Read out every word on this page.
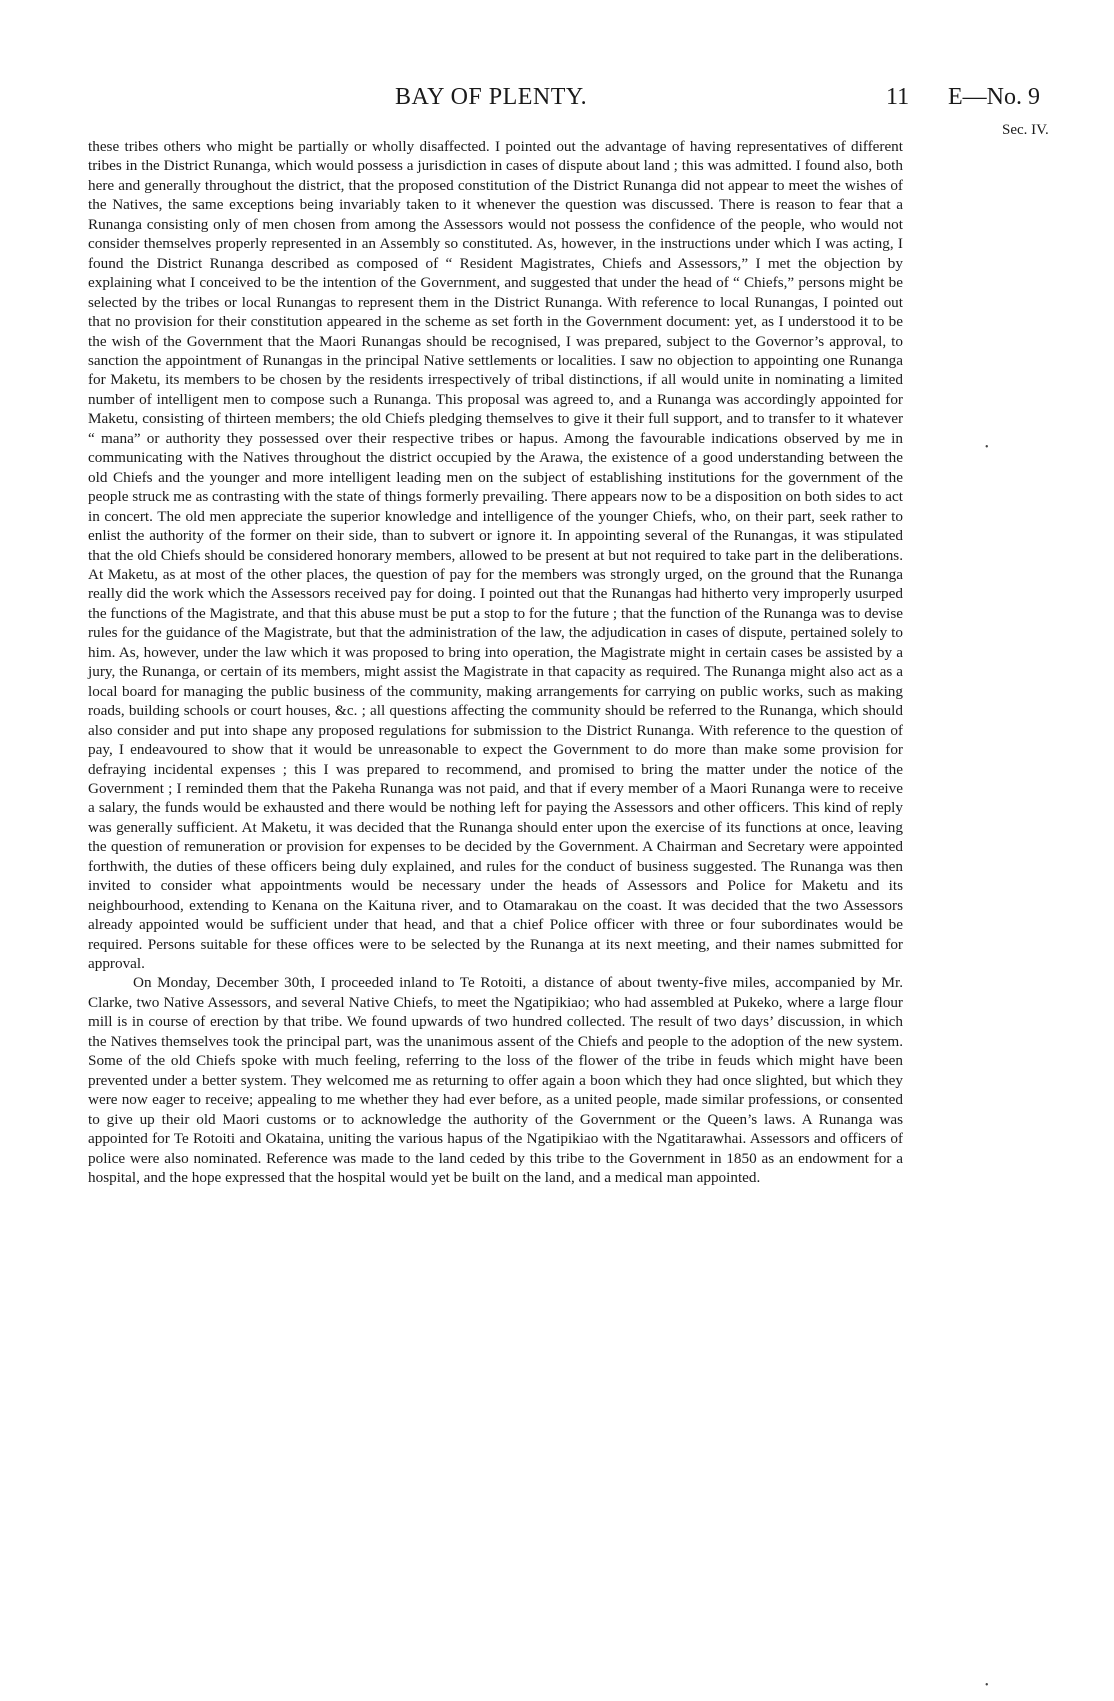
BAY OF PLENTY.	11 E—No. 9
Sec. IV.

these tribes others who might be partially or wholly disaffected. I pointed out the advantage of having representatives of different tribes in the District Runanga, which would possess a jurisdiction in cases of dispute about land ; this was admitted. I found also, both here and generally throughout the district, that the proposed constitution of the District Runanga did not appear to meet the wishes of the Natives, the same exceptions being invariably taken to it whenever the question was discussed. There is reason to fear that a Runanga consisting only of men chosen from among the Assessors would not possess the confidence of the people, who would not consider themselves properly represented in an Assembly so constituted. As, however, in the instructions under which I was acting, I found the District Runanga described as composed of “ Resident Magistrates, Chiefs and Assessors,” I met the objection by explaining what I conceived to be the intention of the Government, and suggested that under the head of “ Chiefs,” persons might be selected by the tribes or local Runangas to represent them in the District Runanga. With reference to local Runangas, I pointed out that no provision for their constitution appeared in the scheme as set forth in the Government document: yet, as I understood it to be the wish of the Government that the Maori Runangas should be recognised, I was prepared, subject to the Governor’s approval, to sanction the appointment of Runangas in the principal Native settlements or localities. I saw no objection to appointing one Runanga for Maketu, its members to be chosen by the residents irrespectively of tribal distinctions, if all would unite in nominating a limited number of intelligent men to compose such a Runanga. This proposal was agreed to, and a Runanga was accordingly appointed for Maketu, consisting of thirteen members; the old Chiefs pledging themselves to give it their full support, and to transfer to it whatever “ mana” or authority they possessed over their respective tribes or hapus. Among the favourable indications observed by me in communicating with the Natives throughout the district occupied by the Arawa, the existence of a good understanding between the old Chiefs and the younger and more intelligent leading men on the subject of establishing institutions for the government of the people struck me as contrasting with the state of things formerly prevailing. There appears now to be a disposition on both sides to act in concert. The old men appreciate the superior knowledge and intelligence of the younger Chiefs, who, on their part, seek rather to enlist the authority of the former on their side, than to subvert or ignore it. In appointing several of the Runangas, it was stipulated that the old Chiefs should be considered honorary members, allowed to be present at but not required to take part in the deliberations. At Maketu, as at most of the other places, the question of pay for the members was strongly urged, on the ground that the Runanga really did the work which the Assessors received pay for doing. I pointed out that the Runangas had hitherto very improperly usurped the functions of the Magistrate, and that this abuse must be put a stop to for the future ; that the function of the Runanga was to devise rules for the guidance of the Magistrate, but that the administration of the law, the adjudication in cases of dispute, pertained solely to him. As, however, under the law which it was proposed to bring into operation, the Magistrate might in certain cases be assisted by a jury, the Runanga, or certain of its members, might assist the Magistrate in that capacity as required. The Runanga might also act as a local board for managing the public business of the community, making arrangements for carrying on public works, such as making roads, building schools or court houses, &c. ; all questions affecting the community should be referred to the Runanga, which should also consider and put into shape any proposed regulations for submission to the District Runanga. With reference to the question of pay, I endeavoured to show that it would be unreasonable to expect the Government to do more than make some provision for defraying incidental expenses ; this I was prepared to recommend, and promised to bring the matter under the notice of the Government ; I reminded them that the Pakeha Runanga was not paid, and that if every member of a Maori Runanga were to receive a salary, the funds would be exhausted and there would be nothing left for paying the Assessors and other officers. This kind of reply was generally sufficient. At Maketu, it was decided that the Runanga should enter upon the exercise of its functions at once, leaving the question of remuneration or provision for expenses to be decided by the Government. A Chairman and Secretary were appointed forthwith, the duties of these officers being duly explained, and rules for the conduct of business suggested. The Runanga was then invited to consider what appointments would be necessary under the heads of Assessors and Police for Maketu and its neighbourhood, extending to Kenana on the Kaituna river, and to Otamarakau on the coast. It was decided that the two Assessors already appointed would be sufficient under that head, and that a chief Police officer with three or four subordinates would be required. Persons suitable for these offices were to be selected by the Runanga at its next meeting, and their names submitted for approval.

On Monday, December 30th, I proceeded inland to Te Rotoiti, a distance of about twenty-five miles, accompanied by Mr. Clarke, two Native Assessors, and several Native Chiefs, to meet the Ngatipikiao; who had assembled at Pukeko, where a large flour mill is in course of erection by that tribe. We found upwards of two hundred collected. The result of two days’ discussion, in which the Natives themselves took the principal part, was the unanimous assent of the Chiefs and people to the adoption of the new system. Some of the old Chiefs spoke with much feeling, referring to the loss of the flower of the tribe in feuds which might have been prevented under a better system. They welcomed me as returning to offer again a boon which they had once slighted, but which they were now eager to receive; appealing to me whether they had ever before, as a united people, made similar professions, or consented to give up their old Maori customs or to acknowledge the authority of the Government or the Queen’s laws. A Runanga was appointed for Te Rotoiti and Okataina, uniting the various hapus of the Ngatipikiao with the Ngatitarawhai. Assessors and officers of police were also nominated. Reference was made to the land ceded by this tribe to the Government in 1850 as an endowment for a hospital, and the hope expressed that the hospital would yet be built on the land, and a medical man appointed.

•
•
